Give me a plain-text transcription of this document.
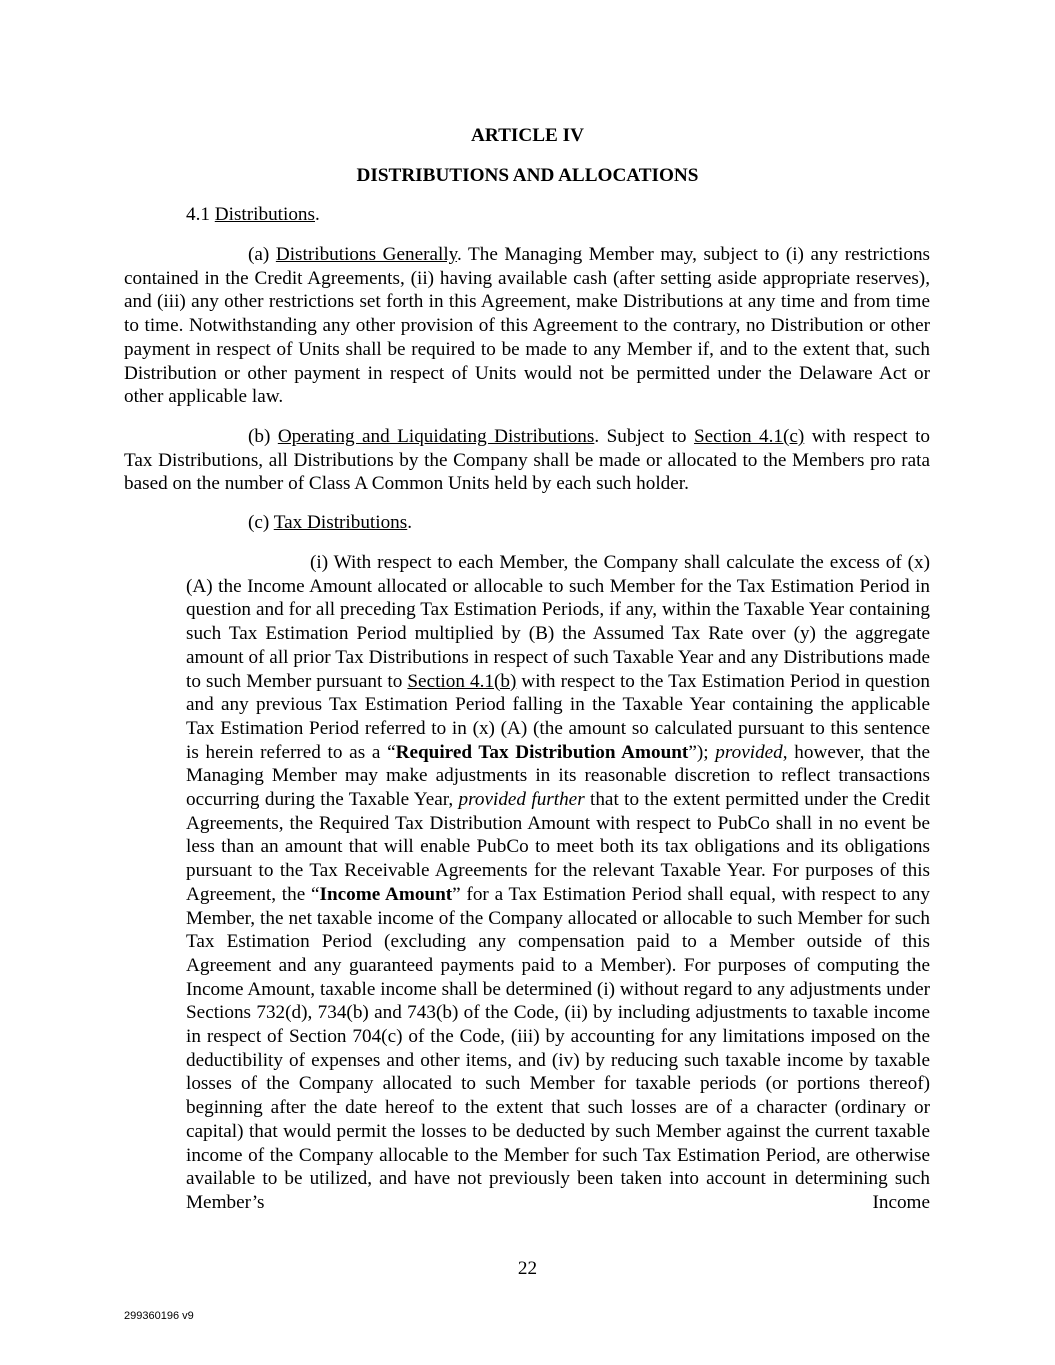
ARTICLE IV
DISTRIBUTIONS AND ALLOCATIONS
4.1 Distributions.
(a) Distributions Generally. The Managing Member may, subject to (i) any restrictions contained in the Credit Agreements, (ii) having available cash (after setting aside appropriate reserves), and (iii) any other restrictions set forth in this Agreement, make Distributions at any time and from time to time. Notwithstanding any other provision of this Agreement to the contrary, no Distribution or other payment in respect of Units shall be required to be made to any Member if, and to the extent that, such Distribution or other payment in respect of Units would not be permitted under the Delaware Act or other applicable law.
(b) Operating and Liquidating Distributions. Subject to Section 4.1(c) with respect to Tax Distributions, all Distributions by the Company shall be made or allocated to the Members pro rata based on the number of Class A Common Units held by each such holder.
(c) Tax Distributions.
(i) With respect to each Member, the Company shall calculate the excess of (x) (A) the Income Amount allocated or allocable to such Member for the Tax Estimation Period in question and for all preceding Tax Estimation Periods, if any, within the Taxable Year containing such Tax Estimation Period multiplied by (B) the Assumed Tax Rate over (y) the aggregate amount of all prior Tax Distributions in respect of such Taxable Year and any Distributions made to such Member pursuant to Section 4.1(b) with respect to the Tax Estimation Period in question and any previous Tax Estimation Period falling in the Taxable Year containing the applicable Tax Estimation Period referred to in (x) (A) (the amount so calculated pursuant to this sentence is herein referred to as a “Required Tax Distribution Amount”); provided, however, that the Managing Member may make adjustments in its reasonable discretion to reflect transactions occurring during the Taxable Year, provided further that to the extent permitted under the Credit Agreements, the Required Tax Distribution Amount with respect to PubCo shall in no event be less than an amount that will enable PubCo to meet both its tax obligations and its obligations pursuant to the Tax Receivable Agreements for the relevant Taxable Year. For purposes of this Agreement, the “Income Amount” for a Tax Estimation Period shall equal, with respect to any Member, the net taxable income of the Company allocated or allocable to such Member for such Tax Estimation Period (excluding any compensation paid to a Member outside of this Agreement and any guaranteed payments paid to a Member). For purposes of computing the Income Amount, taxable income shall be determined (i) without regard to any adjustments under Sections 732(d), 734(b) and 743(b) of the Code, (ii) by including adjustments to taxable income in respect of Section 704(c) of the Code, (iii) by accounting for any limitations imposed on the deductibility of expenses and other items, and (iv) by reducing such taxable income by taxable losses of the Company allocated to such Member for taxable periods (or portions thereof) beginning after the date hereof to the extent that such losses are of a character (ordinary or capital) that would permit the losses to be deducted by such Member against the current taxable income of the Company allocable to the Member for such Tax Estimation Period, are otherwise available to be utilized, and have not previously been taken into account in determining such Member’s Income
22
299360196 v9
